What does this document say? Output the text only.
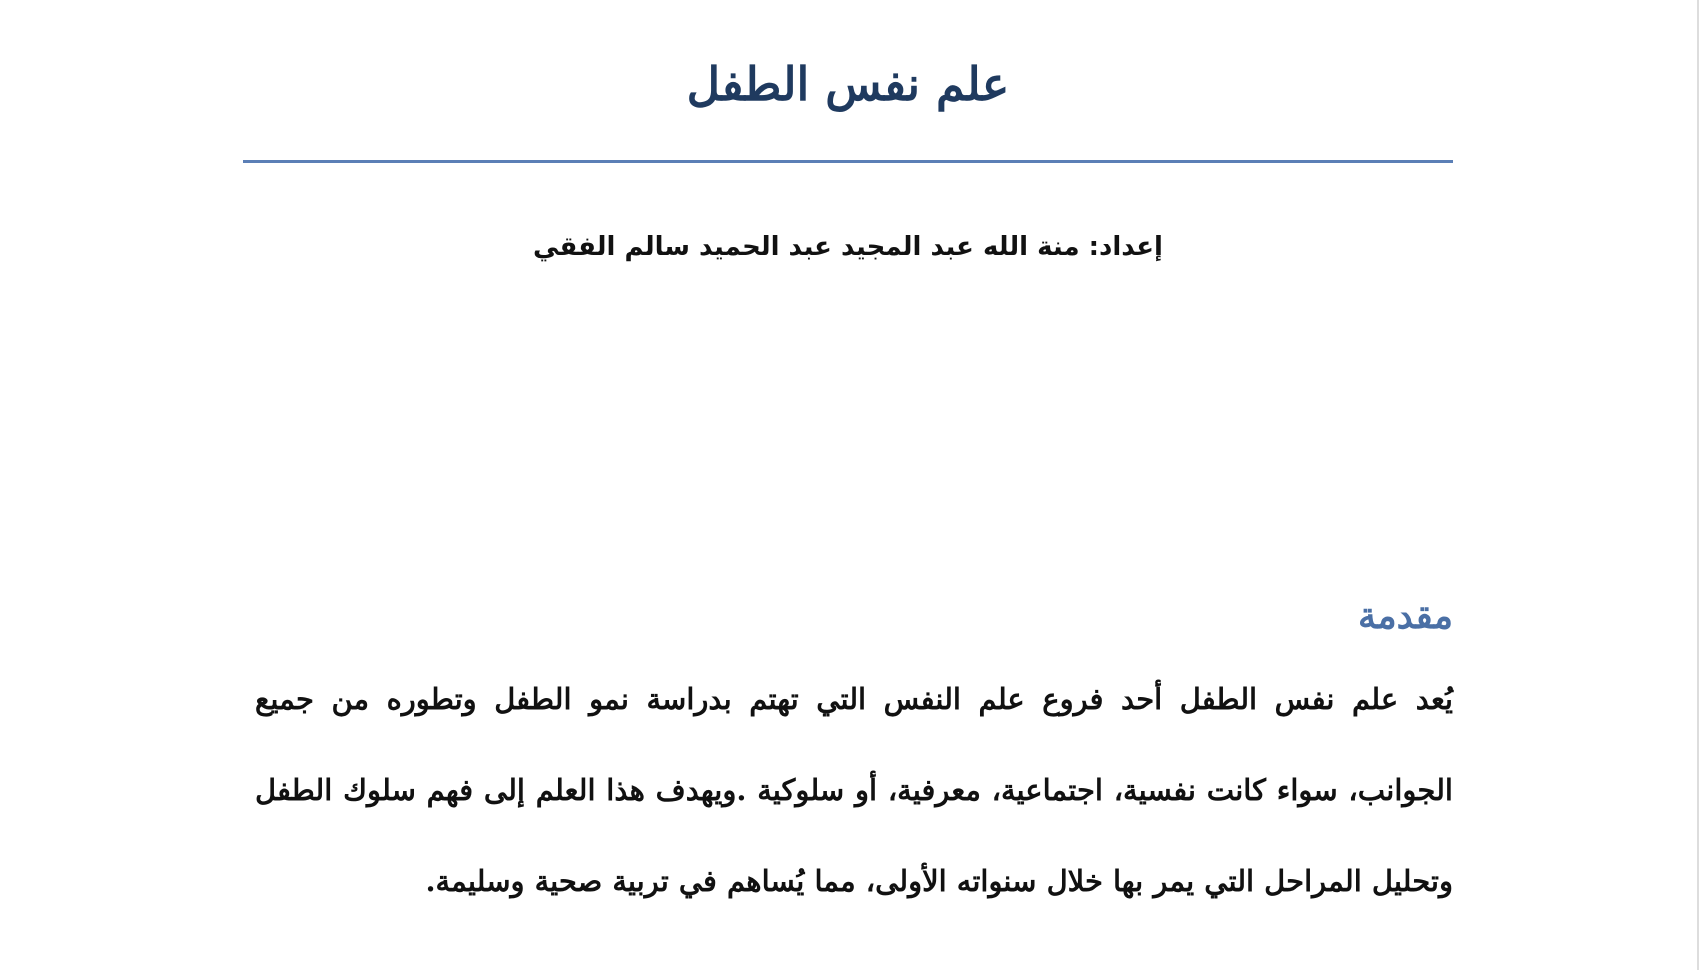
علم نفس الطفل
إعداد: منة الله عبد المجيد عبد الحميد سالم الفقي
مقدمة

يُعد علم نفس الطفل أحد فروع علم النفس التي تهتم بدراسة نمو الطفل وتطوره من جميع الجوانب، سواء كانت نفسية، اجتماعية، معرفية، أو سلوكية .ويهدف هذا العلم إلى فهم سلوك الطفل وتحليل المراحل التي يمر بها خلال سنواته الأولى، مما يُساهم في تربية صحية وسليمة.
